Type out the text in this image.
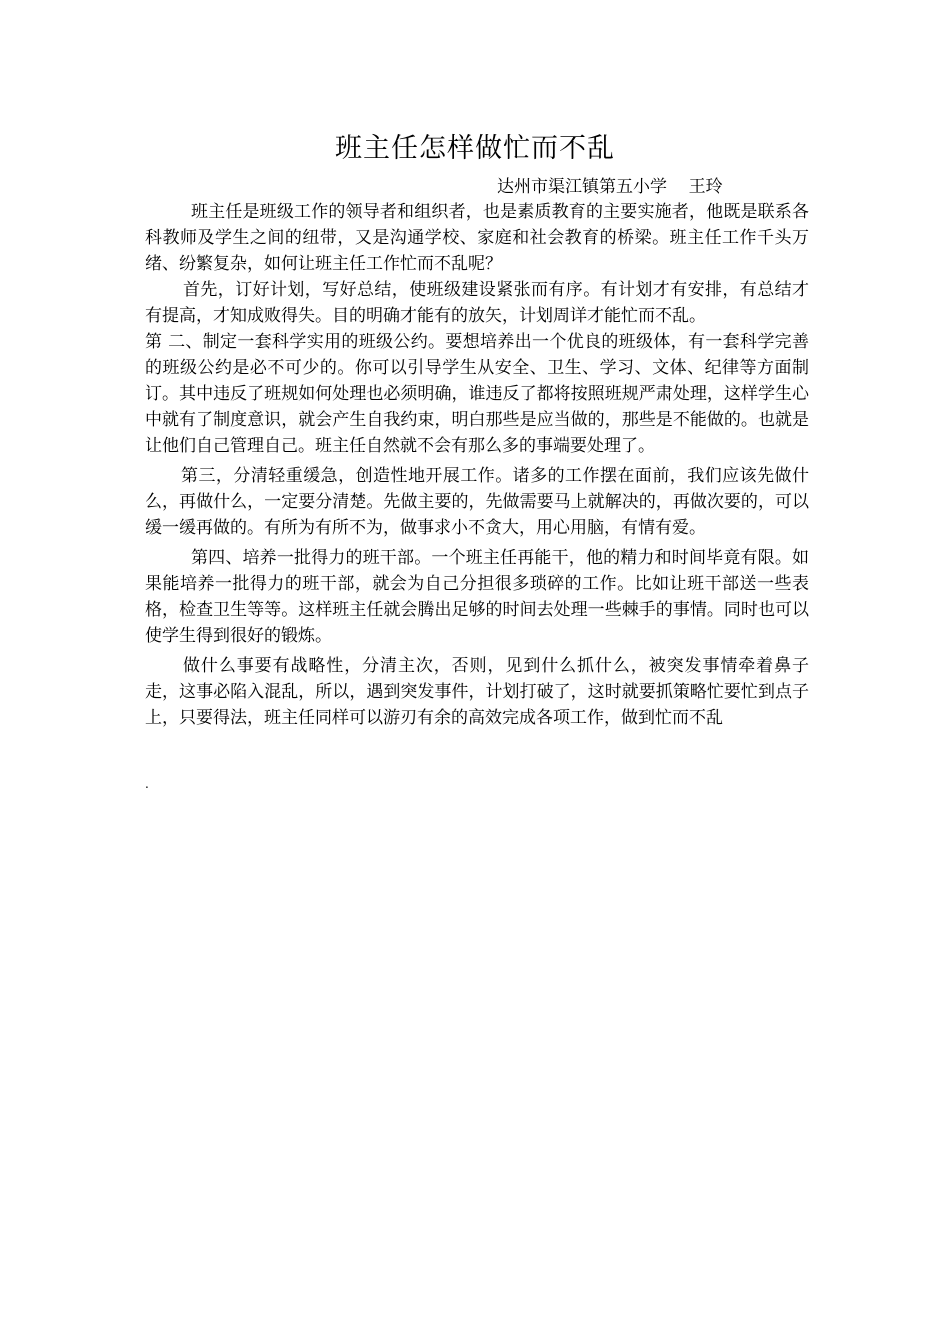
班主任怎样做忙而不乱
达州市渠江镇第五小学    王玲

班主任是班级工作的领导者和组织者，也是素质教育的主要实施者，他既是联系各科教师及学生之间的纽带，又是沟通学校、家庭和社会教育的桥梁。班主任工作千头万绪、纷繁复杂，如何让班主任工作忙而不乱呢？

首先，订好计划，写好总结，使班级建设紧张而有序。有计划才有安排，有总结才有提高，才知成败得失。目的明确才能有的放矢，计划周详才能忙而不乱。

第 二、制定一套科学实用的班级公约。要想培养出一个优良的班级体，有一套科学完善的班级公约是必不可少的。你可以引导学生从安全、卫生、学习、文体、纪律等方面制订。其中违反了班规如何处理也必须明确，谁违反了都将按照班规严肃处理，这样学生心中就有了制度意识，就会产生自我约束，明白那些是应当做的，那些是不能做的。也就是让他们自己管理自己。班主任自然就不会有那么多的事端要处理了。

第三，分清轻重缓急，创造性地开展工作。诸多的工作摆在面前，我们应该先做什么，再做什么，一定要分清楚。先做主要的，先做需要马上就解决的，再做次要的，可以缓一缓再做的。有所为有所不为，做事求小不贪大，用心用脑，有情有爱。

第四、培养一批得力的班干部。一个班主任再能干，他的精力和时间毕竟有限。如果能培养一批得力的班干部，就会为自己分担很多琐碎的工作。比如让班干部送一些表格，检查卫生等等。这样班主任就会腾出足够的时间去处理一些棘手的事情。同时也可以使学生得到很好的锻炼。

做什么事要有战略性，分清主次，否则，见到什么抓什么，被突发事情牵着鼻子走，这事必陷入混乱，所以，遇到突发事件，计划打破了，这时就要抓策略忙要忙到点子上，只要得法，班主任同样可以游刃有余的高效完成各项工作，做到忙而不乱

.
